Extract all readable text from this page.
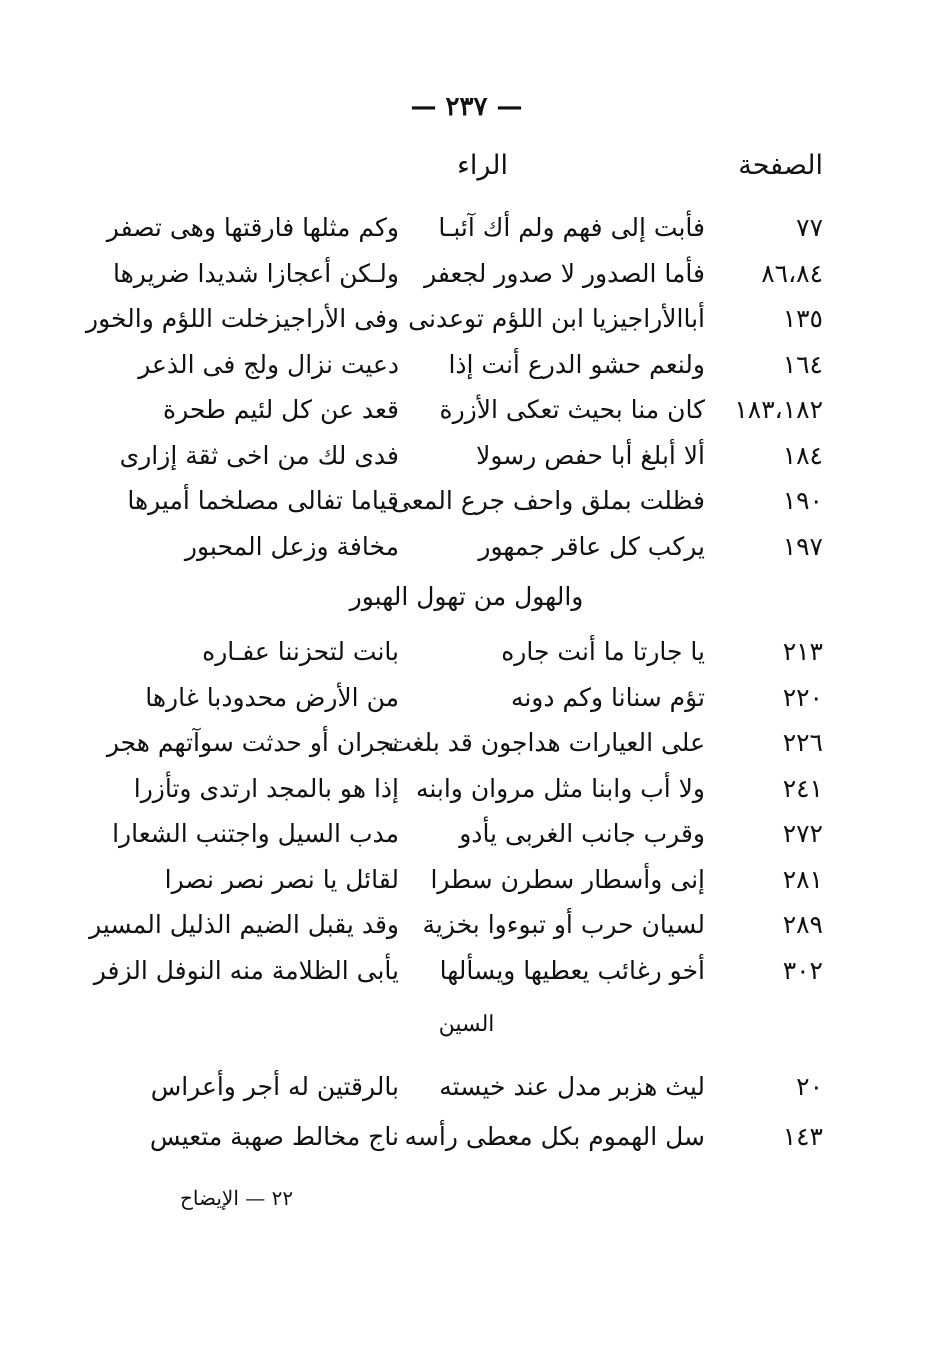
— ٢٣٧ —
الصفحة
الراء
٧٧
فأبت إلى فهم ولم أك آئبـا
وكم مثلها فارقتها وهى تصفر
٨٦،٨٤
فأما الصدور لا صدور لجعفر
ولـكن أعجازا شديدا ضريرها
١٣٥
أباالأراجيزيا ابن اللؤم توعدنى
وفى الأراجيزخلت اللؤم والخور
١٦٤
ولنعم حشو الدرع أنت إذا
دعيت نزال ولج فى الذعر
١٨٣،١٨٢
كان منا بحيث تعكى الأزرة
قعد عن كل لئيم طحرة
١٨٤
ألا أبلغ أبا حفص رسولا
فدى لك من اخى ثقة إزارى
١٩٠
فظلت بملق واحف جرع المعى
قياما تفالى مصلخما أميرها
١٩٧
يركب كل عاقر جمهور
مخافة وزعل المحبور
والهول من تهول الهبور
٢١٣
يا جارتا ما أنت جاره
بانت لتحزننا عفـاره
٢٢٠
تؤم سنانا وكم دونه
من الأرض محدودبا غارها
٢٢٦
على العيارات هداجون قد بلغت
نجران أو حدثت سوآتهم هجر
٢٤١
ولا أب وابنا مثل مروان وابنه
إذا هو بالمجد ارتدى وتأزرا
٢٧٢
وقرب جانب الغربى يأدو
مدب السيل واجتنب الشعارا
٢٨١
إنى وأسطار سطرن سطرا
لقائل يا نصر نصر نصرا
٢٨٩
لسيان حرب أو تبوءوا بخزية
وقد يقبل الضيم الذليل المسير
٣٠٢
أخو رغائب يعطيها ويسألها
يأبى الظلامة منه النوفل الزفر
السين
٢٠
ليث هزبر مدل عند خيسته
بالرقتين له أجر وأعراس
١٤٣
سل الهموم بكل معطى رأسه
ناج مخالط صهبة متعيس
٢٢ — الإيضاح
